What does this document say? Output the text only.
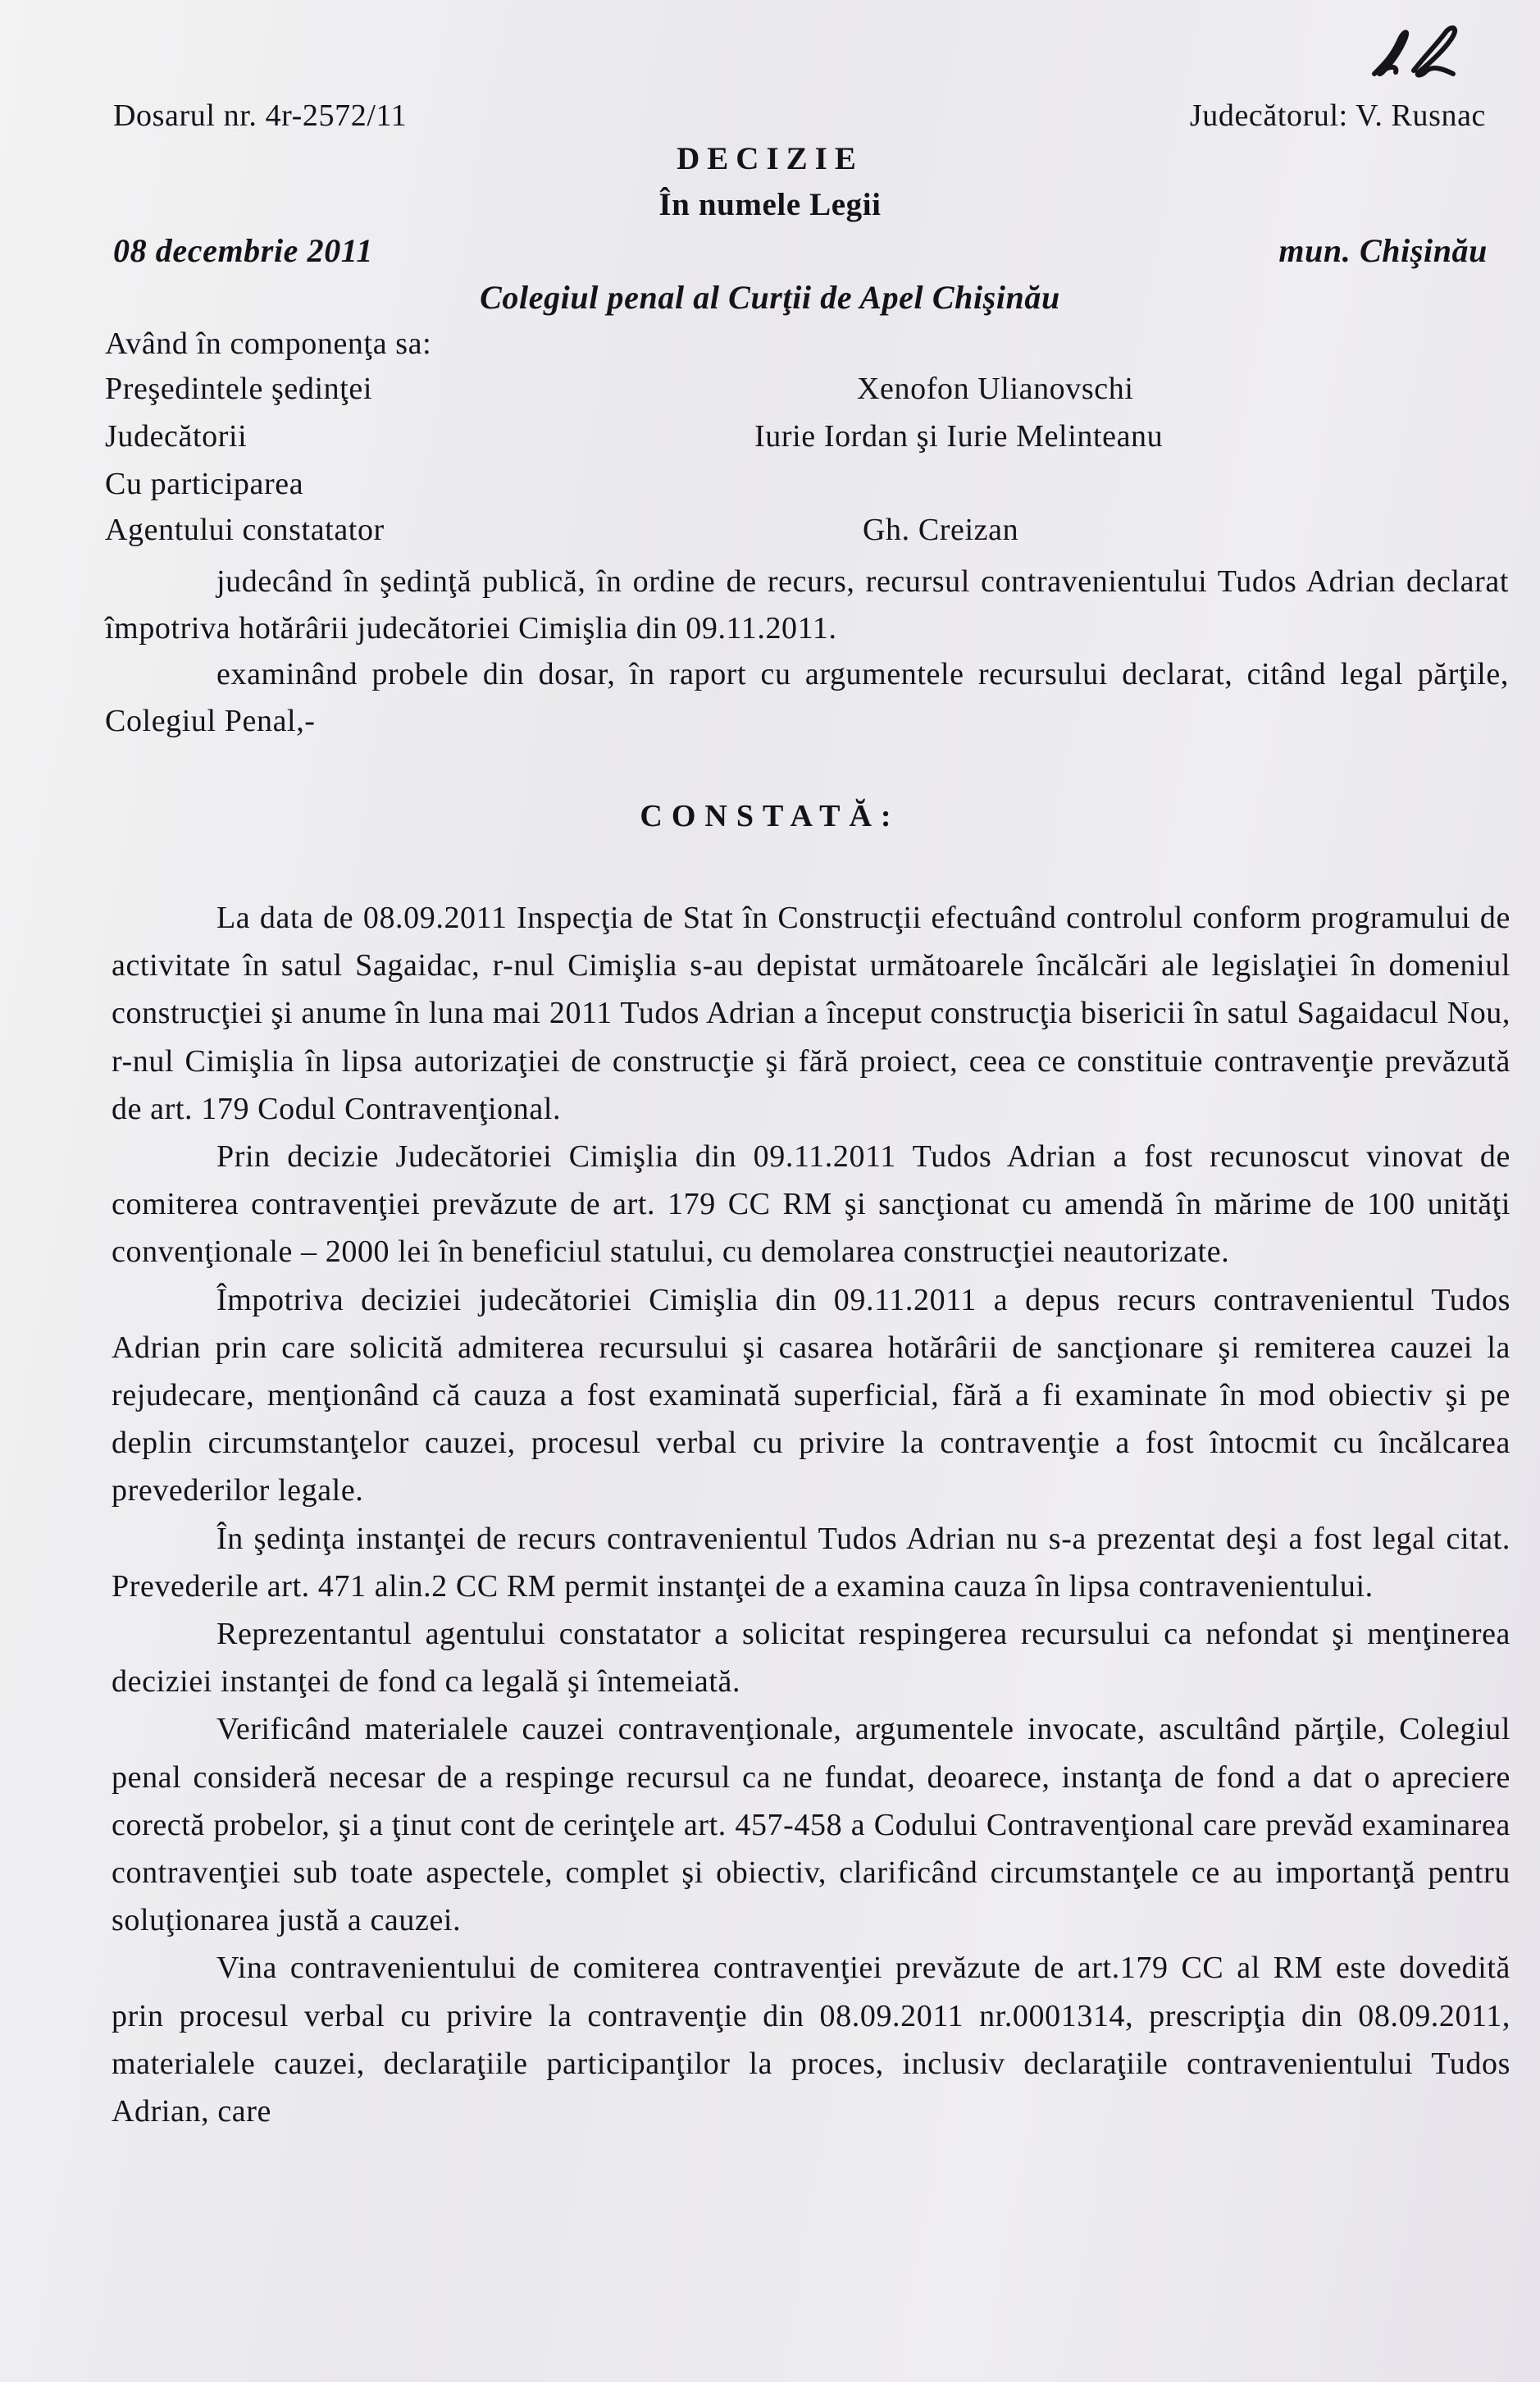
Dosarul nr. 4r-2572/11	Judecătorul: V. Rusnac
DECIZIE
În numele Legii
08 decembrie 2011	mun. Chişinău
Colegiul penal al Curţii de Apel Chişinău
Având în componenţa sa:
Preşedintele şedinţei	Xenofon Ulianovschi
Judecătorii	Iurie Iordan şi Iurie Melinteanu
Cu participarea
Agentului constatator	Gh. Creizan

judecând în şedinţă publică, în ordine de recurs, recursul contravenientului Tudos Adrian declarat împotriva hotărârii judecătoriei Cimişlia din 09.11.2011.

examinând probele din dosar, în raport cu argumentele recursului declarat, citând legal părţile, Colegiul Penal,-

CONSTATĂ:

La data de 08.09.2011 Inspecţia de Stat în Construcţii efectuând controlul conform programului de activitate în satul Sagaidac, r-nul Cimişlia s-au depistat următoarele încălcări ale legislaţiei în domeniul construcţiei şi anume în luna mai 2011 Tudos Adrian a început construcţia bisericii în satul Sagaidacul Nou, r-nul Cimişlia în lipsa autorizaţiei de construcţie şi fără proiect, ceea ce constituie contravenţie prevăzută de art. 179 Codul Contravenţional.

Prin decizie Judecătoriei Cimişlia din 09.11.2011 Tudos Adrian a fost recunoscut vinovat de comiterea contravenţiei prevăzute de art. 179 CC RM şi sancţionat cu amendă în mărime de 100 unităţi convenţionale – 2000 lei în beneficiul statului, cu demolarea construcţiei neautorizate.

Împotriva deciziei judecătoriei Cimişlia din 09.11.2011 a depus recurs contravenientul Tudos Adrian prin care solicită admiterea recursului şi casarea hotărârii de sancţionare şi remiterea cauzei la rejudecare, menţionând că cauza a fost examinată superficial, fără a fi examinate în mod obiectiv şi pe deplin circumstanţelor cauzei, procesul verbal cu privire la contravenţie a fost întocmit cu încălcarea prevederilor legale.

În şedinţa instanţei de recurs contravenientul Tudos Adrian nu s-a prezentat deşi a fost legal citat. Prevederile art. 471 alin.2 CC RM permit instanţei de a examina cauza în lipsa contravenientului.

Reprezentantul agentului constatator a solicitat respingerea recursului ca nefondat şi menţinerea deciziei instanţei de fond ca legală şi întemeiată.

Verificând materialele cauzei contravenţionale, argumentele invocate, ascultând părţile, Colegiul penal consideră necesar de a respinge recursul ca ne fundat, deoarece, instanţa de fond a dat o apreciere corectă probelor, şi a ţinut cont de cerinţele art. 457-458 a Codului Contravenţional care prevăd examinarea contravenţiei sub toate aspectele, complet şi obiectiv, clarificând circumstanţele ce au importanţă pentru soluţionarea justă a cauzei.

Vina contravenientului de comiterea contravenţiei prevăzute de art.179 CC al RM este dovedită prin procesul verbal cu privire la contravenţie din 08.09.2011 nr.0001314, prescripţia din 08.09.2011, materialele cauzei, declaraţiile participanţilor la proces, inclusiv declaraţiile contravenientului Tudos Adrian, care
